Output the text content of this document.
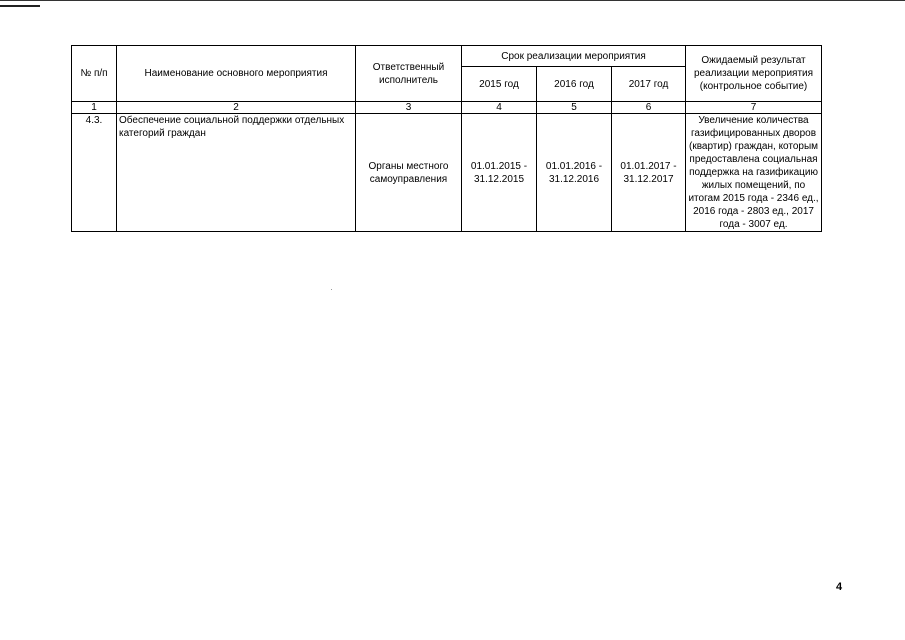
№ п/п	Наименование основного мероприятия	Ответственный исполнитель	Срок реализации мероприятия			Ожидаемый результат реализации мероприятия (контрольное событие)
			2015 год	2016 год	2017 год	
1	2	3	4	5	6	7
4.3.	Обеспечение социальной поддержки отдельных категорий граждан	Органы местного самоуправления	01.01.2015 - 31.12.2015	01.01.2016 - 31.12.2016	01.01.2017 - 31.12.2017	Увеличение количества газифицированных дворов (квартир) граждан, которым предоставлена социальная поддержка на газификацию жилых помещений, по итогам 2015 года - 2346 ед., 2016 года - 2803 ед., 2017 года - 3007 ед.
4
